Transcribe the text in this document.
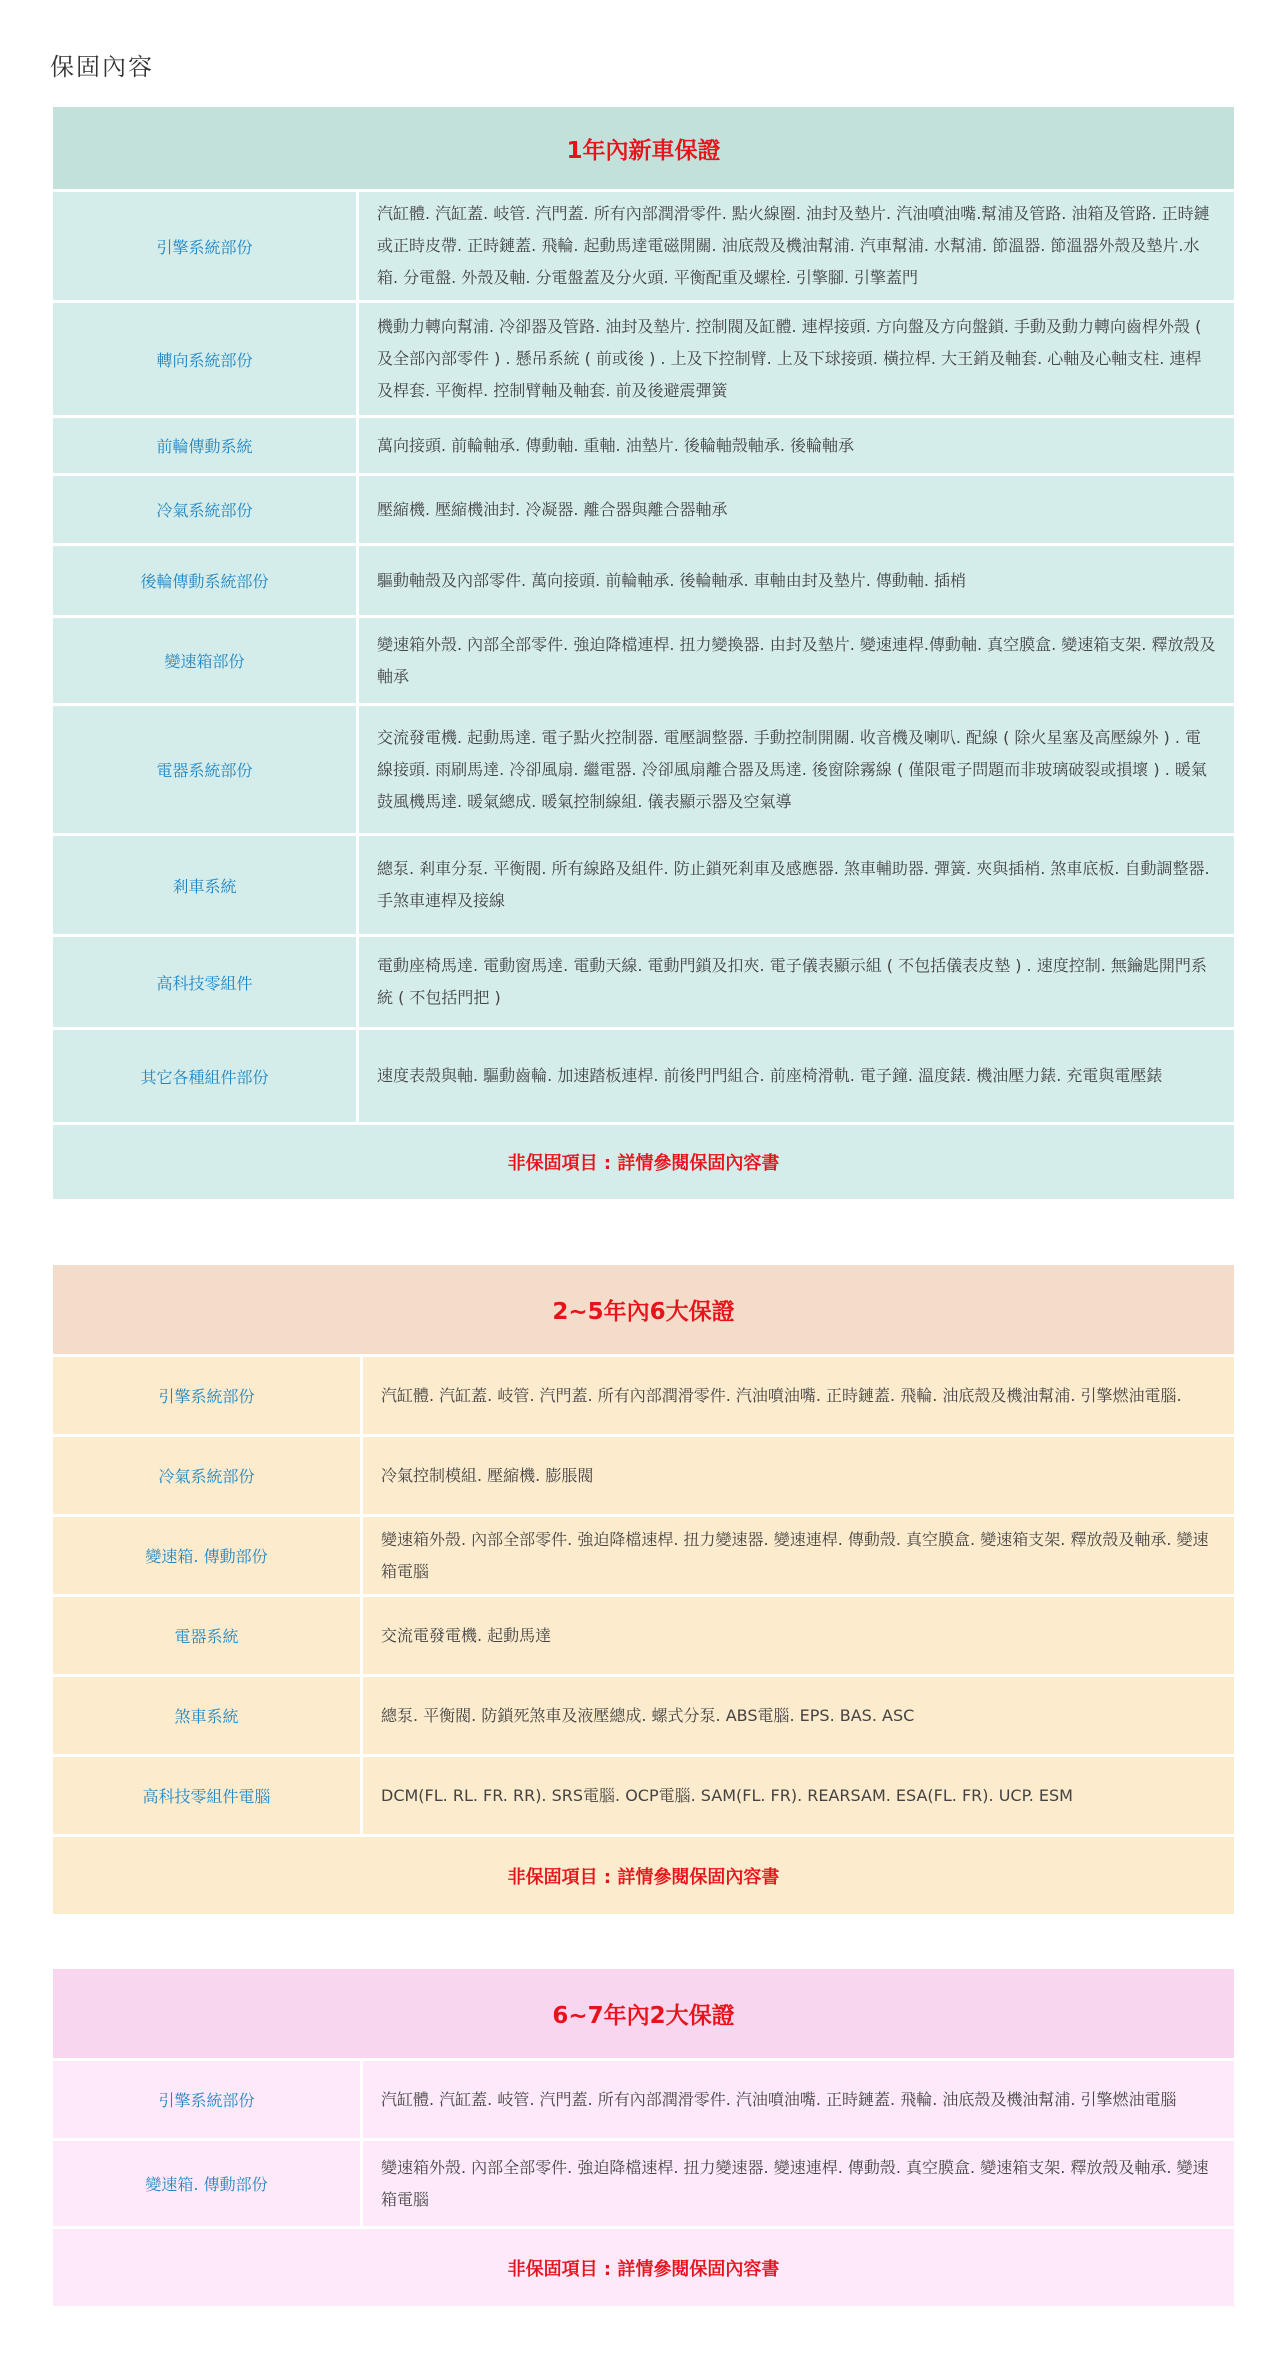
保固內容
1年內新車保證	
引擎系統部份	汽缸體. 汽缸蓋. 岐管. 汽門蓋. 所有內部潤滑零件. 點火線圈. 油封及墊片. 汽油噴油嘴.幫浦及管路. 油箱及管路. 正時鏈或正時皮帶. 正時鏈蓋. 飛輪. 起動馬達電磁開關. 油底殼及機油幫浦. 汽車幫浦. 水幫浦. 節溫器. 節溫器外殼及墊片.水箱. 分電盤. 外殼及軸. 分電盤蓋及分火頭. 平衡配重及螺栓. 引擎腳. 引擎蓋門
轉向系統部份	機動力轉向幫浦. 冷卻器及管路. 油封及墊片. 控制閥及缸體. 連桿接頭. 方向盤及方向盤鎖. 手動及動力轉向齒桿外殼 ( 及全部內部零件 ) . 懸吊系統 ( 前或後 ) . 上及下控制臂. 上及下球接頭. 橫拉桿. 大王銷及軸套. 心軸及心軸支柱. 連桿及桿套. 平衡桿. 控制臂軸及軸套. 前及後避震彈簧
前輪傳動系統	萬向接頭. 前輪軸承. 傳動軸. 重軸. 油墊片. 後輪軸殼軸承. 後輪軸承
冷氣系統部份	壓縮機. 壓縮機油封. 冷凝器. 離合器與離合器軸承
後輪傳動系統部份	驅動軸殼及內部零件. 萬向接頭. 前輪軸承. 後輪軸承. 車軸由封及墊片. 傳動軸. 插梢
變速箱部份	變速箱外殼. 內部全部零件. 強迫降檔連桿. 扭力變換器. 由封及墊片. 變速連桿.傳動軸. 真空膜盒. 變速箱支架. 釋放殼及軸承
電器系統部份	交流發電機. 起動馬達. 電子點火控制器. 電壓調整器. 手動控制開關. 收音機及喇叭. 配線 ( 除火星塞及高壓線外 ) . 電線接頭. 雨刷馬達. 冷卻風扇. 繼電器. 冷卻風扇離合器及馬達. 後窗除霧線 ( 僅限電子問題而非玻璃破裂或損壞 ) . 暖氣鼓風機馬達. 暖氣總成. 暖氣控制線組. 儀表顯示器及空氣導
剎車系統	總泵. 剎車分泵. 平衡閥. 所有線路及組件. 防止鎖死剎車及感應器. 煞車輔助器. 彈簧. 夾與插梢. 煞車底板. 自動調整器. 手煞車連桿及接線
高科技零組件	電動座椅馬達. 電動窗馬達. 電動天線. 電動門鎖及扣夾. 電子儀表顯示組 ( 不包括儀表皮墊 ) . 速度控制. 無鑰匙開門系統 ( 不包括門把 )
其它各種組件部份	速度表殼與軸. 驅動齒輪. 加速踏板連桿. 前後門門組合. 前座椅滑軌. 電子鐘. 溫度錶. 機油壓力錶. 充電與電壓錶
非保固項目 : 詳情參閱保固內容書	
2~5年內6大保證	
引擎系統部份	汽缸體. 汽缸蓋. 岐管. 汽門蓋. 所有內部潤滑零件. 汽油噴油嘴. 正時鏈蓋. 飛輪. 油底殼及機油幫浦. 引擎燃油電腦.
冷氣系統部份	冷氣控制模組. 壓縮機. 膨脹閥
變速箱. 傳動部份	變速箱外殼. 內部全部零件. 強迫降檔速桿. 扭力變速器. 變速連桿. 傳動殼. 真空膜盒. 變速箱支架. 釋放殼及軸承. 變速箱電腦
電器系統	交流電發電機. 起動馬達
煞車系統	總泵. 平衡閥. 防鎖死煞車及液壓總成. 螺式分泵. ABS電腦. EPS. BAS. ASC
高科技零組件電腦	DCM(FL. RL. FR. RR). SRS電腦. OCP電腦. SAM(FL. FR). REARSAM. ESA(FL. FR). UCP. ESM
非保固項目 : 詳情參閱保固內容書	
6~7年內2大保證	
引擎系統部份	汽缸體. 汽缸蓋. 岐管. 汽門蓋. 所有內部潤滑零件. 汽油噴油嘴. 正時鏈蓋. 飛輪. 油底殼及機油幫浦. 引擎燃油電腦
變速箱. 傳動部份	變速箱外殼. 內部全部零件. 強迫降檔速桿. 扭力變速器. 變速連桿. 傳動殼. 真空膜盒. 變速箱支架. 釋放殼及軸承. 變速箱電腦
非保固項目 : 詳情參閱保固內容書	
